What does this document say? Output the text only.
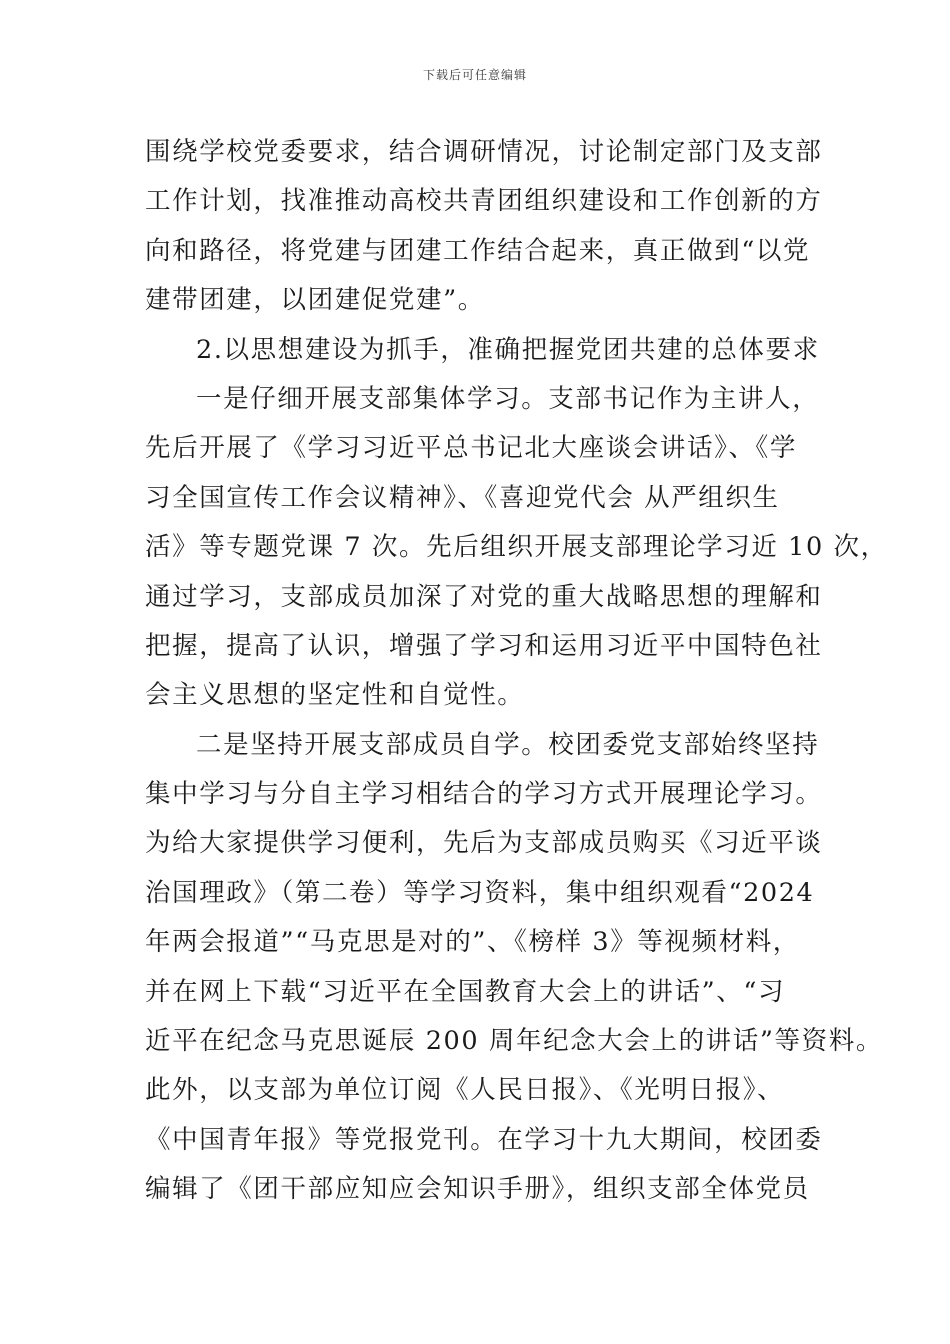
下载后可任意编辑
围绕学校党委要求，结合调研情况，讨论制定部门及支部
工作计划，找准推动高校共青团组织建设和工作创新的方
向和路径，将党建与团建工作结合起来，真正做到“以党
建带团建，以团建促党建”。
2.以思想建设为抓手，准确把握党团共建的总体要求
一是仔细开展支部集体学习。支部书记作为主讲人，
先后开展了《学习习近平总书记北大座谈会讲话》、《学
习全国宣传工作会议精神》、《喜迎党代会 从严组织生
活》等专题党课 7 次。先后组织开展支部理论学习近 10 次，
通过学习，支部成员加深了对党的重大战略思想的理解和
把握，提高了认识，增强了学习和运用习近平中国特色社
会主义思想的坚定性和自觉性。
二是坚持开展支部成员自学。校团委党支部始终坚持
集中学习与分自主学习相结合的学习方式开展理论学习。
为给大家提供学习便利，先后为支部成员购买《习近平谈
治国理政》（第二卷）等学习资料，集中组织观看“2024
年两会报道”“马克思是对的”、《榜样 3》等视频材料，
并在网上下载“习近平在全国教育大会上的讲话”、“习
近平在纪念马克思诞辰 200 周年纪念大会上的讲话”等资料。
此外，以支部为单位订阅《人民日报》、《光明日报》、
《中国青年报》等党报党刊。在学习十九大期间，校团委
编辑了《团干部应知应会知识手册》，组织支部全体党员
